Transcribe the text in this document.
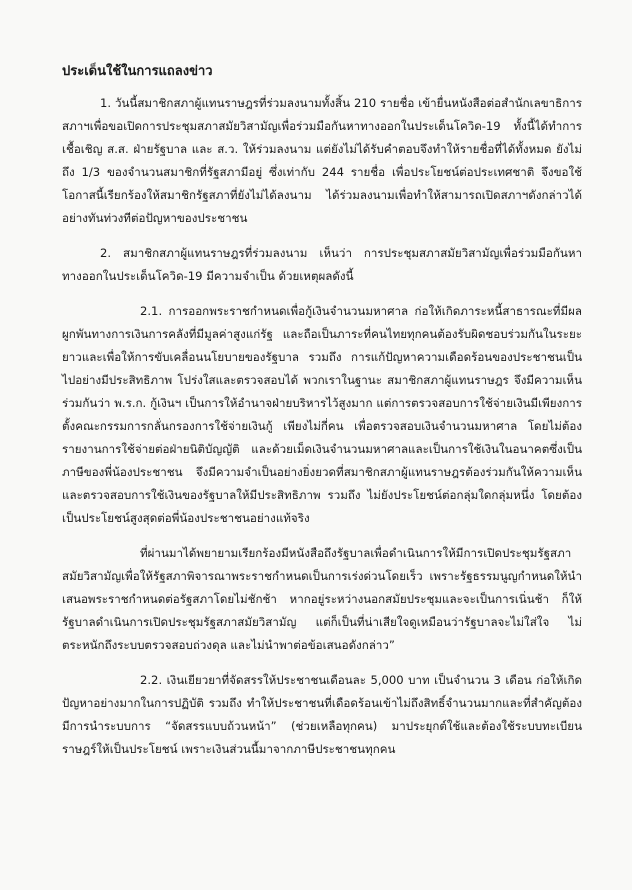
ประเด็นใช้ในการแถลงข่าว

1. วันนี้สมาชิกสภาผู้แทนราษฎรที่ร่วมลงนามทั้งสิ้น 210 รายชื่อ เข้ายื่นหนังสือต่อสำนักเลขาธิการสภาฯเพื่อขอเปิดการประชุมสภาสมัยวิสามัญเพื่อร่วมมือกันหาทางออกในประเด็นโควิด-19 ทั้งนี้ได้ทำการเชื้อเชิญ ส.ส. ฝ่ายรัฐบาล และ ส.ว. ให้ร่วมลงนาม แต่ยังไม่ได้รับคำตอบจึงทำให้รายชื่อที่ได้ทั้งหมด ยังไม่ถึง 1/3 ของจำนวนสมาชิกที่รัฐสภามีอยู่ ซึ่งเท่ากับ 244 รายชื่อ เพื่อประโยชน์ต่อประเทศชาติ จึงขอใช้โอกาสนี้เรียกร้องให้สมาชิกรัฐสภาที่ยังไม่ได้ลงนาม ได้ร่วมลงนามเพื่อทำให้สามารถเปิดสภาฯดังกล่าวได้อย่างทันท่วงทีต่อปัญหาของประชาชน

2. สมาชิกสภาผู้แทนราษฎรที่ร่วมลงนาม เห็นว่า การประชุมสภาสมัยวิสามัญเพื่อร่วมมือกันหาทางออกในประเด็นโควิด-19 มีความจำเป็น ด้วยเหตุผลดังนี้

2.1. การออกพระราชกำหนดเพื่อกู้เงินจำนวนมหาศาล ก่อให้เกิดภาระหนี้สาธารณะที่มีผลผูกพันทางการเงินการคลังที่มีมูลค่าสูงแก่รัฐ และถือเป็นภาระที่คนไทยทุกคนต้องรับผิดชอบร่วมกันในระยะยาวและเพื่อให้การขับเคลื่อนนโยบายของรัฐบาล รวมถึง การแก้ปัญหาความเดือดร้อนของประชาชนเป็นไปอย่างมีประสิทธิภาพ โปร่งใสและตรวจสอบได้ พวกเราในฐานะ สมาชิกสภาผู้แทนราษฎร จึงมีความเห็นร่วมกันว่า พ.ร.ก. กู้เงินฯ เป็นการให้อำนาจฝ่ายบริหารไว้สูงมาก แต่การตรวจสอบการใช้จ่ายเงินมีเพียงการตั้งคณะกรรมการกลั่นกรองการใช้จ่ายเงินกู้ เพียงไม่กี่คน เพื่อตรวจสอบเงินจำนวนมหาศาล โดยไม่ต้องรายงานการใช้จ่ายต่อฝ่ายนิติบัญญัติ และด้วยเม็ดเงินจำนวนมหาศาลและเป็นการใช้เงินในอนาคตซึ่งเป็นภาษีของพี่น้องประชาชน จึงมีความจำเป็นอย่างยิ่งยวดที่สมาชิกสภาผู้แทนราษฎรต้องร่วมกันให้ความเห็นและตรวจสอบการใช้เงินของรัฐบาลให้มีประสิทธิภาพ รวมถึง ไม่ยังประโยชน์ต่อกลุ่มใดกลุ่มหนึ่ง โดยต้องเป็นประโยชน์สูงสุดต่อพี่น้องประชาชนอย่างแท้จริง

ที่ผ่านมาได้พยายามเรียกร้องมีหนังสือถึงรัฐบาลเพื่อดำเนินการให้มีการเปิดประชุมรัฐสภาสมัยวิสามัญเพื่อให้รัฐสภาพิจารณาพระราชกำหนดเป็นการเร่งด่วนโดยเร็ว เพราะรัฐธรรมนูญกำหนดให้นำเสนอพระราชกำหนดต่อรัฐสภาโดยไม่ชักช้า หากอยู่ระหว่างนอกสมัยประชุมและจะเป็นการเนิ่นช้า ก็ให้รัฐบาลดำเนินการเปิดประชุมรัฐสภาสมัยวิสามัญ แต่ก็เป็นที่น่าเสียใจดูเหมือนว่ารัฐบาลจะไม่ใส่ใจ ไม่ตระหนักถึงระบบตรวจสอบถ่วงดุล และไม่นำพาต่อข้อเสนอดังกล่าว”

2.2. เงินเยียวยาที่จัดสรรให้ประชาชนเดือนละ 5,000 บาท เป็นจำนวน 3 เดือน ก่อให้เกิดปัญหาอย่างมากในการปฏิบัติ รวมถึง ทำให้ประชาชนที่เดือดร้อนเข้าไม่ถึงสิทธิ์จำนวนมากและที่สำคัญต้องมีการนำระบบการ “จัดสรรแบบถ้วนหน้า” (ช่วยเหลือทุกคน) มาประยุกต์ใช้และต้องใช้ระบบทะเบียนราษฎร์ให้เป็นประโยชน์ เพราะเงินส่วนนี้มาจากภาษีประชาชนทุกคน
